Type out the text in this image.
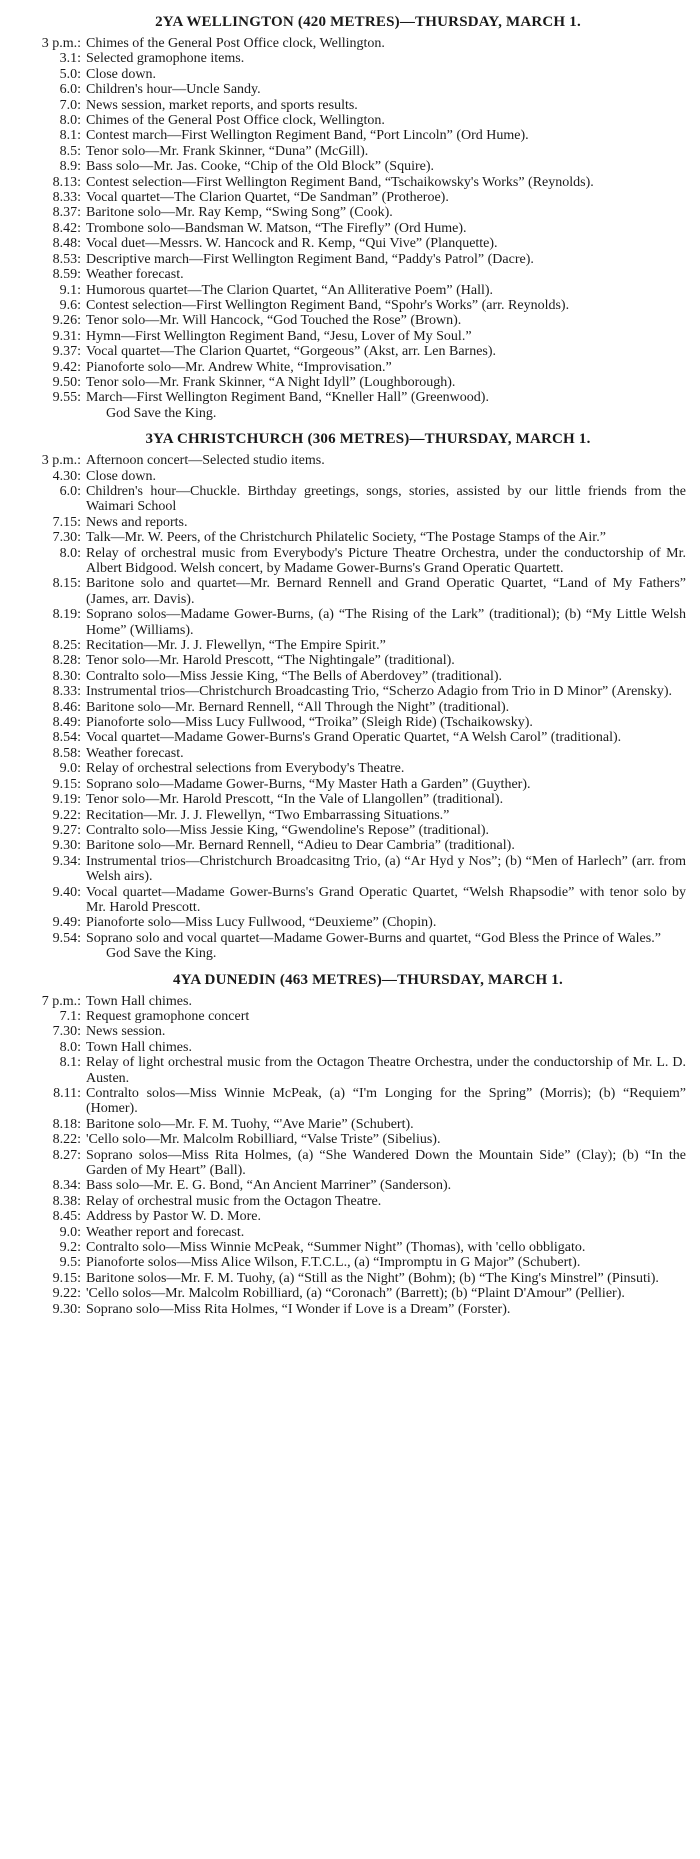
2YA WELLINGTON (420 METRES)—THURSDAY, MARCH 1.
3 p.m.: Chimes of the General Post Office clock, Wellington.
3.1: Selected gramophone items.
5.0: Close down.
6.0: Children's hour—Uncle Sandy.
7.0: News session, market reports, and sports results.
8.0: Chimes of the General Post Office clock, Wellington.
8.1: Contest march—First Wellington Regiment Band, “Port Lincoln” (Ord Hume).
8.5: Tenor solo—Mr. Frank Skinner, “Duna” (McGill).
8.9: Bass solo—Mr. Jas. Cooke, “Chip of the Old Block” (Squire).
8.13: Contest selection—First Wellington Regiment Band, “Tschaikowsky's Works” (Reynolds).
8.33: Vocal quartet—The Clarion Quartet, “De Sandman” (Protheroe).
8.37: Baritone solo—Mr. Ray Kemp, “Swing Song” (Cook).
8.42: Trombone solo—Bandsman W. Matson, “The Firefly” (Ord Hume).
8.48: Vocal duet—Messrs. W. Hancock and R. Kemp, “Qui Vive” (Planquette).
8.53: Descriptive march—First Wellington Regiment Band, “Paddy's Patrol” (Dacre).
8.59: Weather forecast.
9.1: Humorous quartet—The Clarion Quartet, “An Alliterative Poem” (Hall).
9.6: Contest selection—First Wellington Regiment Band, “Spohr's Works” (arr. Reynolds).
9.26: Tenor solo—Mr. Will Hancock, “God Touched the Rose” (Brown).
9.31: Hymn—First Wellington Regiment Band, “Jesu, Lover of My Soul.”
9.37: Vocal quartet—The Clarion Quartet, “Gorgeous” (Akst, arr. Len Barnes).
9.42: Pianoforte solo—Mr. Andrew White, “Improvisation.”
9.50: Tenor solo—Mr. Frank Skinner, “A Night Idyll” (Loughborough).
9.55: March—First Wellington Regiment Band, “Kneller Hall” (Greenwood).
God Save the King.
3YA CHRISTCHURCH (306 METRES)—THURSDAY, MARCH 1.
3 p.m.: Afternoon concert—Selected studio items.
4.30: Close down.
6.0: Children's hour—Chuckle. Birthday greetings, songs, stories, assisted by our little friends from the Waimari School
7.15: News and reports.
7.30: Talk—Mr. W. Peers, of the Christchurch Philatelic Society, “The Postage Stamps of the Air.”
8.0: Relay of orchestral music from Everybody's Picture Theatre Orchestra, under the conductorship of Mr. Albert Bidgood. Welsh concert, by Madame Gower-Burns's Grand Operatic Quartett.
8.15: Baritone solo and quartet—Mr. Bernard Rennell and Grand Operatic Quartet, “Land of My Fathers” (James, arr. Davis).
8.19: Soprano solos—Madame Gower-Burns, (a) “The Rising of the Lark” (traditional); (b) “My Little Welsh Home” (Williams).
8.25: Recitation—Mr. J. J. Flewellyn, “The Empire Spirit.”
8.28: Tenor solo—Mr. Harold Prescott, “The Nightingale” (traditional).
8.30: Contralto solo—Miss Jessie King, “The Bells of Aberdovey” (traditional).
8.33: Instrumental trios—Christchurch Broadcasting Trio, “Scherzo Adagio from Trio in D Minor” (Arensky).
8.46: Baritone solo—Mr. Bernard Rennell, “All Through the Night” (traditional).
8.49: Pianoforte solo—Miss Lucy Fullwood, “Troika” (Sleigh Ride) (Tschaikowsky).
8.54: Vocal quartet—Madame Gower-Burns's Grand Operatic Quartet, “A Welsh Carol” (traditional).
8.58: Weather forecast.
9.0: Relay of orchestral selections from Everybody's Theatre.
9.15: Soprano solo—Madame Gower-Burns, “My Master Hath a Garden” (Guyther).
9.19: Tenor solo—Mr. Harold Prescott, “In the Vale of Llangollen” (traditional).
9.22: Recitation—Mr. J. J. Flewellyn, “Two Embarrassing Situations.”
9.27: Contralto solo—Miss Jessie King, “Gwendoline's Repose” (traditional).
9.30: Baritone solo—Mr. Bernard Rennell, “Adieu to Dear Cambria” (traditional).
9.34: Instrumental trios—Christchurch Broadcasitng Trio, (a) “Ar Hyd y Nos”; (b) “Men of Harlech” (arr. from Welsh airs).
9.40: Vocal quartet—Madame Gower-Burns's Grand Operatic Quartet, “Welsh Rhapsodie” with tenor solo by Mr. Harold Prescott.
9.49: Pianoforte solo—Miss Lucy Fullwood, “Deuxieme” (Chopin).
9.54: Soprano solo and vocal quartet—Madame Gower-Burns and quartet, “God Bless the Prince of Wales.”
God Save the King.
4YA DUNEDIN (463 METRES)—THURSDAY, MARCH 1.
7 p.m.: Town Hall chimes.
7.1: Request gramophone concert
7.30: News session.
8.0: Town Hall chimes.
8.1: Relay of light orchestral music from the Octagon Theatre Orchestra, under the conductorship of Mr. L. D. Austen.
8.11: Contralto solos—Miss Winnie McPeak, (a) “I'm Longing for the Spring” (Morris); (b) “Requiem” (Homer).
8.18: Baritone solo—Mr. F. M. Tuohy, “'Ave Marie” (Schubert).
8.22: 'Cello solo—Mr. Malcolm Robilliard, “Valse Triste” (Sibelius).
8.27: Soprano solos—Miss Rita Holmes, (a) “She Wandered Down the Mountain Side” (Clay); (b) “In the Garden of My Heart” (Ball).
8.34: Bass solo—Mr. E. G. Bond, “An Ancient Marriner” (Sanderson).
8.38: Relay of orchestral music from the Octagon Theatre.
8.45: Address by Pastor W. D. More.
9.0: Weather report and forecast.
9.2: Contralto solo—Miss Winnie McPeak, “Summer Night” (Thomas), with 'cello obbligato.
9.5: Pianoforte solos—Miss Alice Wilson, F.T.C.L., (a) “Impromptu in G Major” (Schubert).
9.15: Baritone solos—Mr. F. M. Tuohy, (a) “Still as the Night” (Bohm); (b) “The King's Minstrel” (Pinsuti).
9.22: 'Cello solos—Mr. Malcolm Robilliard, (a) “Coronach” (Barrett); (b) “Plaint D'Amour” (Pellier).
9.30: Soprano solo—Miss Rita Holmes, “I Wonder if Love is a Dream” (Forster).
